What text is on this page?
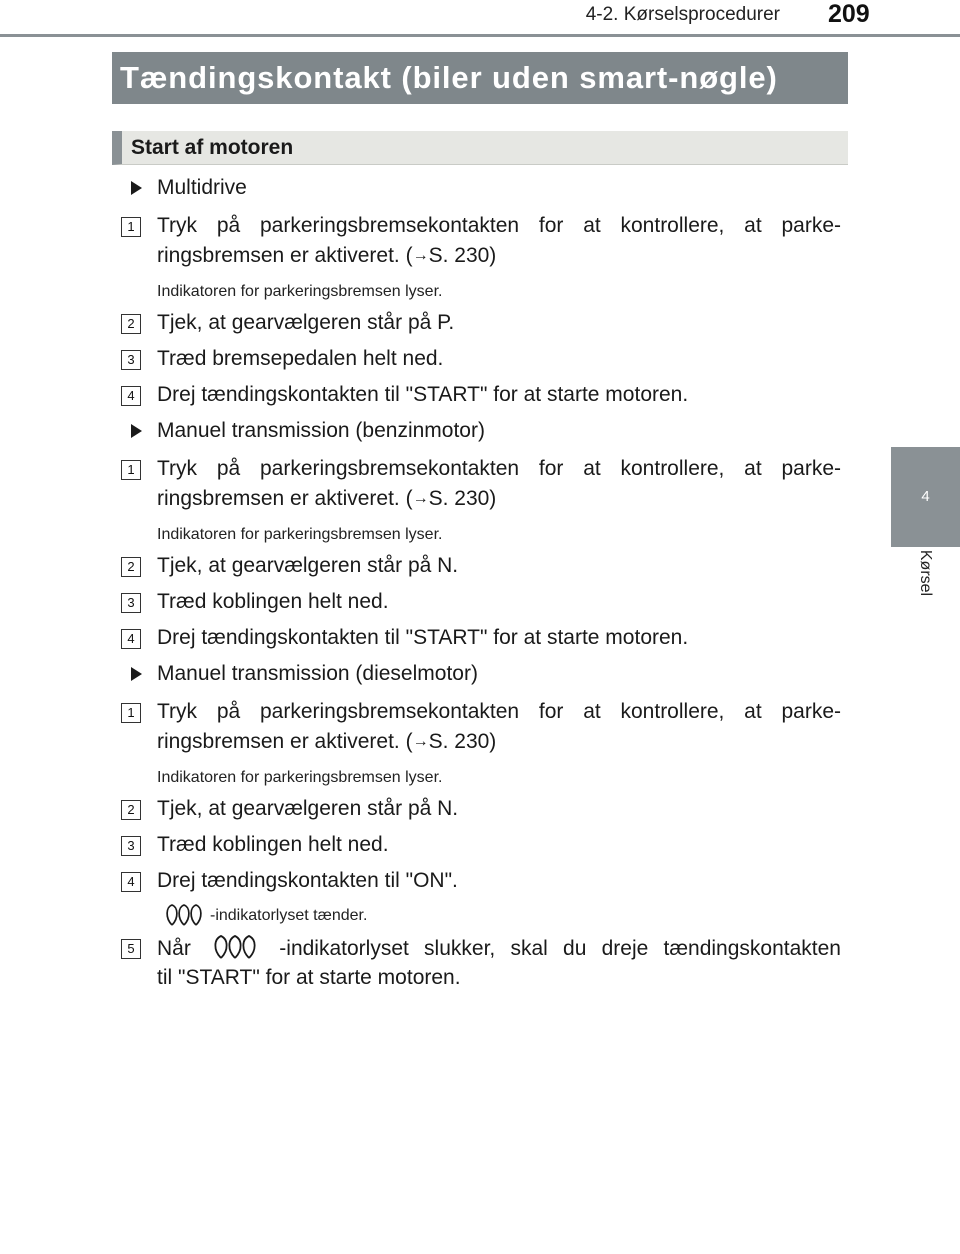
4-2. Kørselsprocedurer 209
4
Kørsel
Tændingskontakt (biler uden smart-nøgle)
Start af motoren
Multidrive
1	Tryk på parkeringsbremsekontakten for at kontrollere, at parke-
ringsbremsen er aktiveret. (→S. 230)
Indikatoren for parkeringsbremsen lyser.
2	Tjek, at gearvælgeren står på P.
3	Træd bremsepedalen helt ned.
4	Drej tændingskontakten til "START" for at starte motoren.
Manuel transmission (benzinmotor)
1	Tryk på parkeringsbremsekontakten for at kontrollere, at parke-
ringsbremsen er aktiveret. (→S. 230)
Indikatoren for parkeringsbremsen lyser.
2	Tjek, at gearvælgeren står på N.
3	Træd koblingen helt ned.
4	Drej tændingskontakten til "START" for at starte motoren.
Manuel transmission (dieselmotor)
1	Tryk på parkeringsbremsekontakten for at kontrollere, at parke-
ringsbremsen er aktiveret. (→S. 230)
Indikatoren for parkeringsbremsen lyser.
2	Tjek, at gearvælgeren står på N.
3	Træd koblingen helt ned.
4	Drej tændingskontakten til "ON".
-indikatorlyset tænder.
5	Når	-indikatorlyset slukker, skal du dreje tændingskontakten
til "START" for at starte motoren.
